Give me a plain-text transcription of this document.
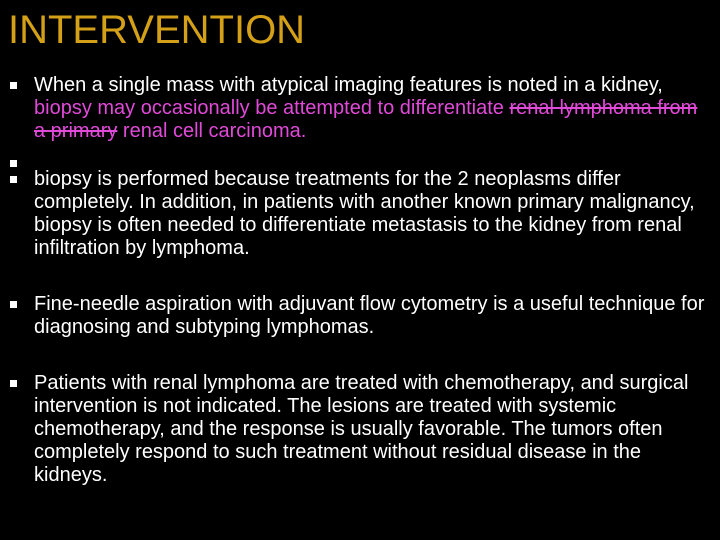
INTERVENTION
When a single mass with atypical imaging features is noted in a kidney, biopsy may occasionally be attempted to differentiate renal lymphoma from a primary renal cell carcinoma.
biopsy is performed because treatments for the 2 neoplasms differ completely. In addition, in patients with another known primary malignancy, biopsy is often needed to differentiate metastasis to the kidney from renal infiltration by lymphoma.
Fine-needle aspiration with adjuvant flow cytometry is a useful technique for diagnosing and subtyping lymphomas.
Patients with renal lymphoma are treated with chemotherapy, and surgical intervention is not indicated. The lesions are treated with systemic chemotherapy, and the response is usually favorable. The tumors often completely respond to such treatment without residual disease in the kidneys.
